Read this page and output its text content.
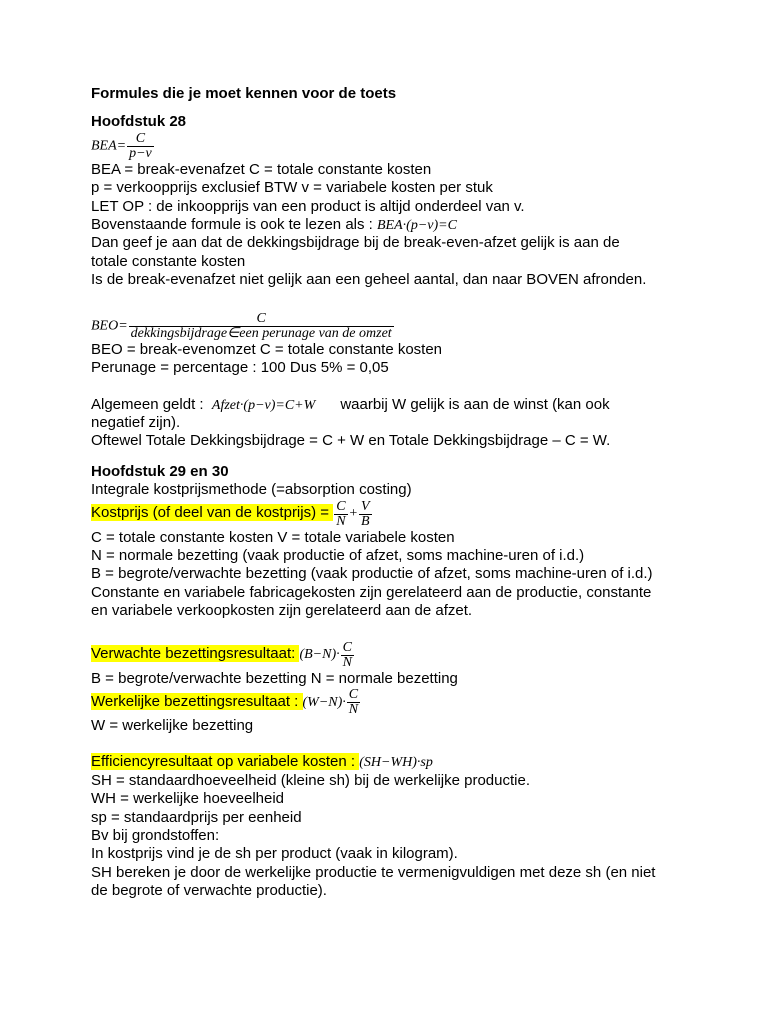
Formules die je moet kennen voor de toets
Hoofdstuk 28
$BEA= \frac{C}{p-v}$
BEA = break-evenafzet C = totale constante kosten
p = verkoopprijs exclusief BTW v = variabele kosten per stuk
LET OP : de inkoopprijs van een product is altijd onderdeel van v.
Bovenstaande formule is ook te lezen als : BEA·(p−v)=C
Dan geef je aan dat de dekkingsbijdrage bij de break-even-afzet gelijk is aan de
totale constante kosten
Is de break-evenafzet niet gelijk aan een geheel aantal, dan naar BOVEN afronden.
$BEO= \frac{C}{\text{dekkingsbijdrage∈een perunage van de omzet}}$
BEO = break-evenomzet C = totale constante kosten
Perunage = percentage : 100 Dus 5% = 0,05
Algemeen geldt :  Afzet·(p−v)=C+W waarbij W gelijk is aan de winst (kan ook
negatief zijn).
Oftewel Totale Dekkingsbijdrage = C + W en Totale Dekkingsbijdrage – C = W.
Hoofdstuk 29 en 30
Integrale kostprijsmethode (=absorption costing)
Kostprijs (of deel van de kostprijs) = $\frac{C}{N} + \frac{V}{B}$
C = totale constante kosten V = totale variabele kosten
N = normale bezetting (vaak productie of afzet, soms machine-uren of i.d.)
B = begrote/verwachte bezetting (vaak productie of afzet, soms machine-uren of i.d.)
Constante en variabele fabricagekosten zijn gerelateerd aan de productie, constante
en variabele verkoopkosten zijn gerelateerd aan de afzet.
Verwachte bezettingsresultaat: $(B-N)\cdot \frac{C}{N}$
B = begrote/verwachte bezetting N = normale bezetting
Werkelijke bezettingsresultaat : $(W-N)\cdot \frac{C}{N}$
W = werkelijke bezetting
Efficiencyresultaat op variabele kosten : (SH−WH)·sp
SH = standaardhoeveelheid (kleine sh) bij de werkelijke productie.
WH = werkelijke hoeveelheid
sp = standaardprijs per eenheid
Bv bij grondstoffen:
In kostprijs vind je de sh per product (vaak in kilogram).
SH bereken je door de werkelijke productie te vermenigvuldigen met deze sh (en niet
de begrote of verwachte productie).
